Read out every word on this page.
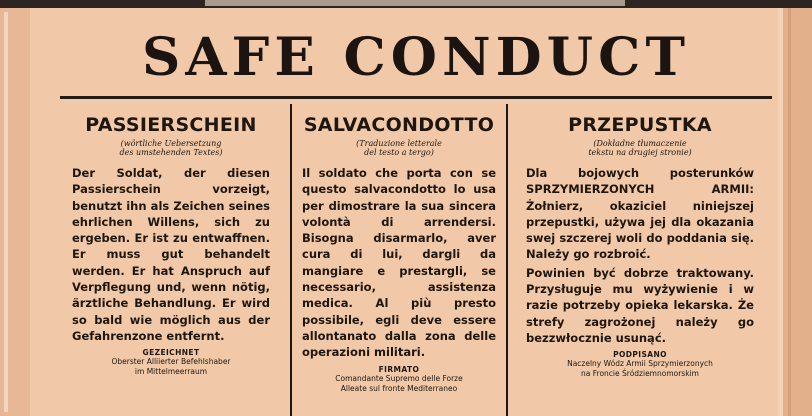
SAFE CONDUCT
PASSIERSCHEIN
(wörtliche Uebersetzung
des umstehenden Textes)
Der Soldat, der diesen Passierschein vorzeigt, benutzt ihn als Zeichen seines ehrlichen Willens, sich zu ergeben. Er ist zu entwaffnen. Er muss gut behandelt werden. Er hat Anspruch auf Verpflegung und, wenn nötig, ärztliche Behandlung. Er wird so bald wie möglich aus der Gefahrenzone entfernt.
GEZEICHNET
Oberster Alliierter Befehlshaber
im Mittelmeerraum
SALVACONDOTTO
(Traduzione letterale
del testo a tergo)
Il soldato che porta con se questo salvacondotto lo usa per dimostrare la sua sincera volontà di arrendersi. Bisogna disarmarlo, aver cura di lui, dargli da mangiare e prestargli, se necessario, assistenza medica. Al più presto possibile, egli deve essere allontanato dalla zona delle operazioni militari.
FIRMATO
Comandante Supremo delle Forze
Alleate sul fronte Mediterraneo
PRZEPUSTKA
(Dokładne tłumaczenie
tekstu na drugiej stronie)
Dla bojowych posterunków SPRZYMIERZONYCH ARMII: Żołnierz, okaziciel niniejszej przepustki, używa jej dla okazania swej szczerej woli do poddania się. Należy go rozbroić.
Powinien być dobrze traktowany. Przysługuje mu wyżywienie i w razie potrzeby opieka lekarska. Że strefy zagrożonej należy go bezzwłocznie usunąć.
PODPISANO
Naczelny Wódz Armii Sprzymierzonych
na Froncie Śródziemnomorskim
